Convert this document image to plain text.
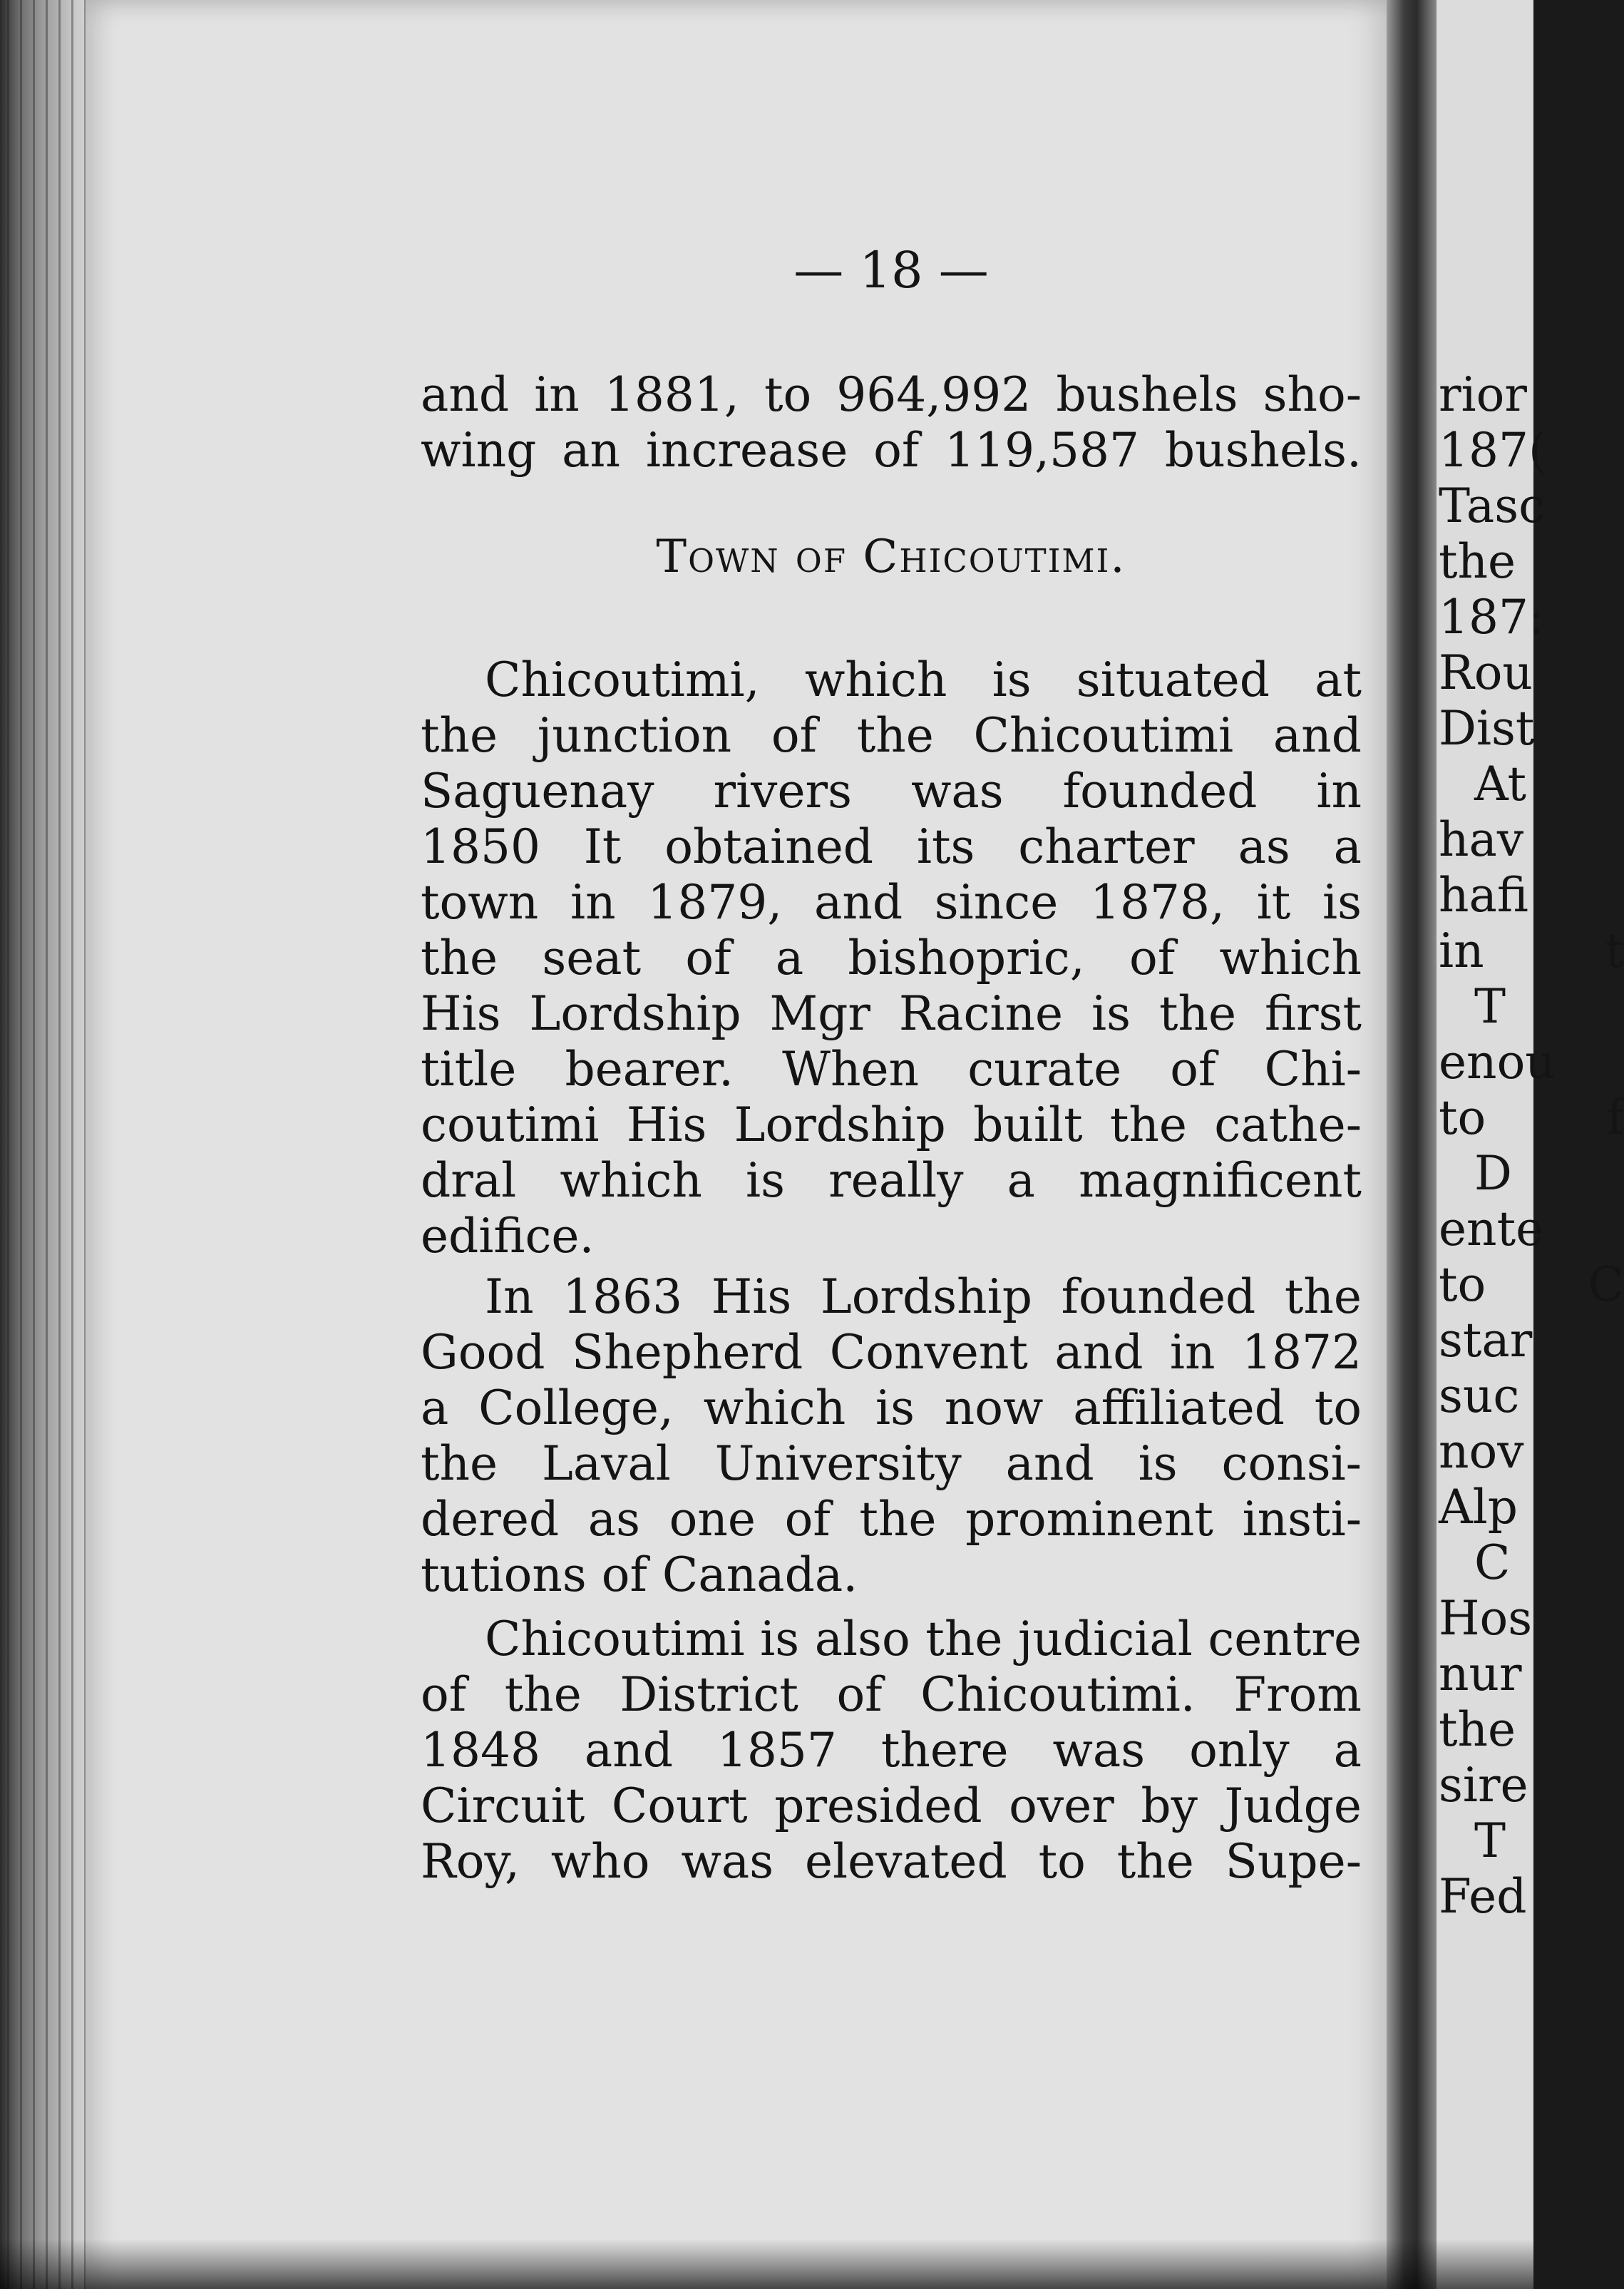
— 18 —
and in 1881, to 964,992 bushels sho-
wing an increase of 119,587 bushels.
Town of Chicoutimi.
Chicoutimi, which is situated at
the junction of the Chicoutimi and
Saguenay rivers was founded in
1850 It obtained its charter as a
town in 1879, and since 1878, it is
the seat of a bishopric, of which
His Lordship Mgr Racine is the first
title bearer. When curate of Chi-
coutimi His Lordship built the cathe-
dral which is really a magnificent
edifice.
In 1863 His Lordship founded the
Good Shepherd Convent and in 1872
a College, which is now affiliated to
the Laval University and is consi-
dered as one of the prominent insti-
tutions of Canada.
Chicoutimi is also the judicial centre
of the District of Chicoutimi. From
1848 and 1857 there was only a
Circuit Court presided over by Judge
Roy, who was elevated to the Supe-
rior
187(
Tasc
the
187:
Rou
Dist
At
hav
hafi
in t
T
enou
to f
D
ente
to C
star
suc
nov
Alp
C
Hos
nur
the
sire
T
Fed
